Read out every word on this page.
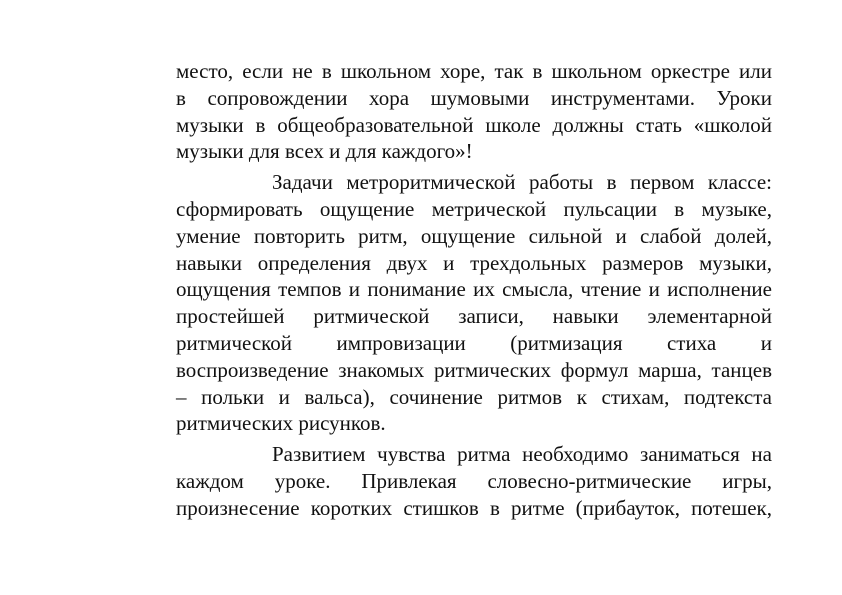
место, если не в школьном хоре, так в школьном оркестре или
в сопровождении хора шумовыми инструментами. Уроки
музыки в общеобразовательной школе должны стать «школой
музыки для всех и для каждого»!

Задачи метроритмической работы в первом классе:
сформировать ощущение метрической пульсации в музыке,
умение повторить ритм, ощущение сильной и слабой долей,
навыки определения двух и трехдольных размеров музыки,
ощущения темпов и понимание их смысла, чтение и исполнение
простейшей ритмической записи, навыки элементарной
ритмической импровизации (ритмизация стиха и
воспроизведение знакомых ритмических формул марша, танцев
– польки и вальса), сочинение ритмов к стихам, подтекста
ритмических рисунков.

Развитием чувства ритма необходимо заниматься на
каждом уроке. Привлекая словесно-ритмические игры,
произнесение коротких стишков в ритме (прибауток, потешек,
